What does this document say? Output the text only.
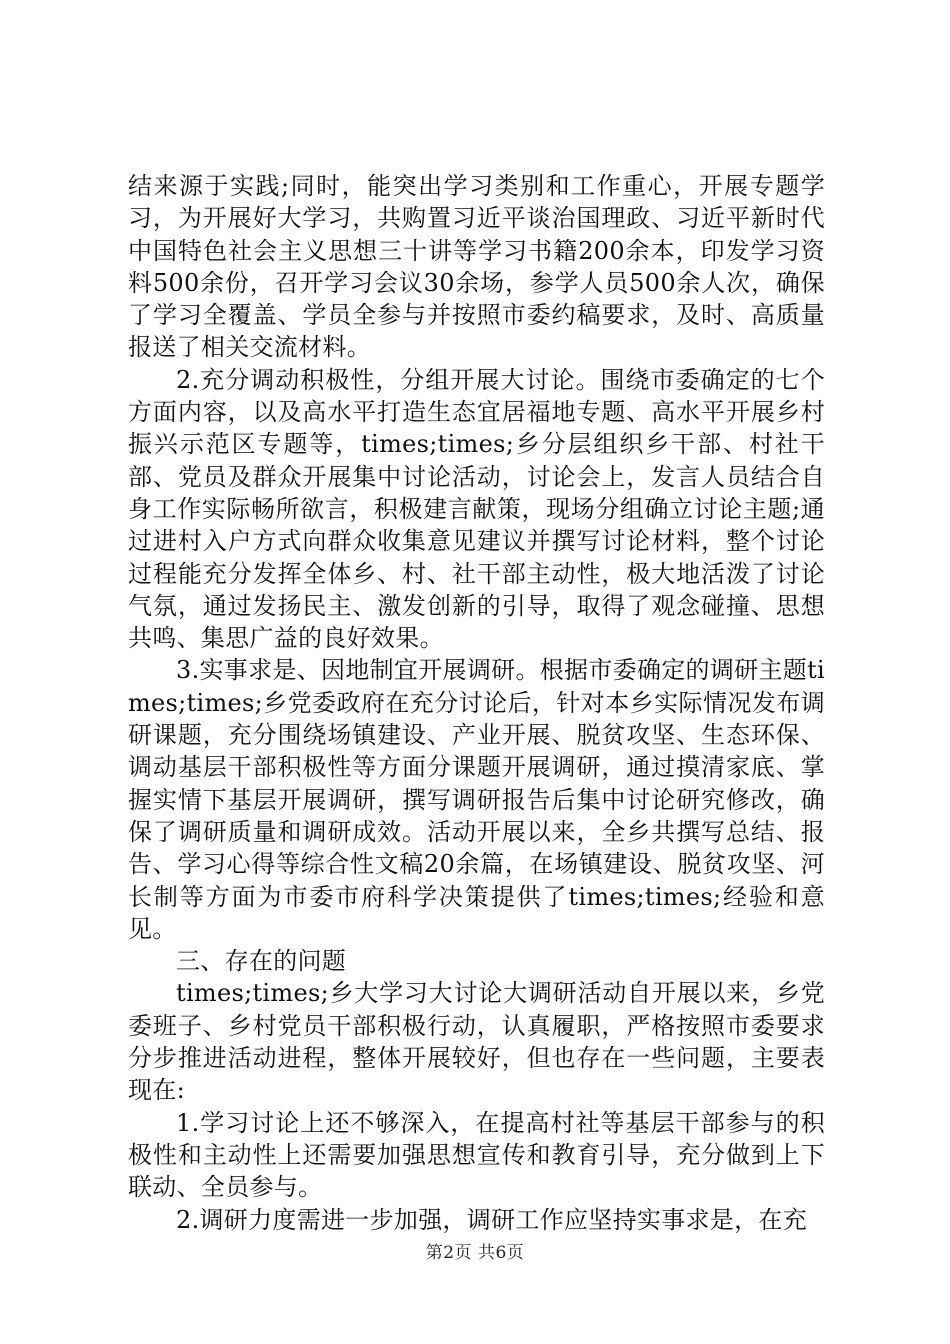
结来源于实践;同时，能突出学习类别和工作重心，开展专题学习，为开展好大学习，共购置习近平谈治国理政、习近平新时代中国特色社会主义思想三十讲等学习书籍200余本，印发学习资料500余份，召开学习会议30余场，参学人员500余人次，确保了学习全覆盖、学员全参与并按照市委约稿要求，及时、高质量报送了相关交流材料。

2.充分调动积极性，分组开展大讨论。围绕市委确定的七个方面内容，以及高水平打造生态宜居福地专题、高水平开展乡村振兴示范区专题等，times;times;乡分层组织乡干部、村社干部、党员及群众开展集中讨论活动，讨论会上，发言人员结合自身工作实际畅所欲言，积极建言献策，现场分组确立讨论主题;通过进村入户方式向群众收集意见建议并撰写讨论材料，整个讨论过程能充分发挥全体乡、村、社干部主动性，极大地活泼了讨论气氛，通过发扬民主、激发创新的引导，取得了观念碰撞、思想共鸣、集思广益的良好效果。

3.实事求是、因地制宜开展调研。根据市委确定的调研主题times;times;乡党委政府在充分讨论后，针对本乡实际情况发布调研课题，充分围绕场镇建设、产业开展、脱贫攻坚、生态环保、调动基层干部积极性等方面分课题开展调研，通过摸清家底、掌握实情下基层开展调研，撰写调研报告后集中讨论研究修改，确保了调研质量和调研成效。活动开展以来，全乡共撰写总结、报告、学习心得等综合性文稿20余篇，在场镇建设、脱贫攻坚、河长制等方面为市委市府科学决策提供了times;times;经验和意见。

三、存在的问题

times;times;乡大学习大讨论大调研活动自开展以来，乡党委班子、乡村党员干部积极行动，认真履职，严格按照市委要求分步推进活动进程，整体开展较好，但也存在一些问题，主要表现在:

1.学习讨论上还不够深入，在提高村社等基层干部参与的积极性和主动性上还需要加强思想宣传和教育引导，充分做到上下联动、全员参与。

2.调研力度需进一步加强，调研工作应坚持实事求是，在充

第2页 共6页
